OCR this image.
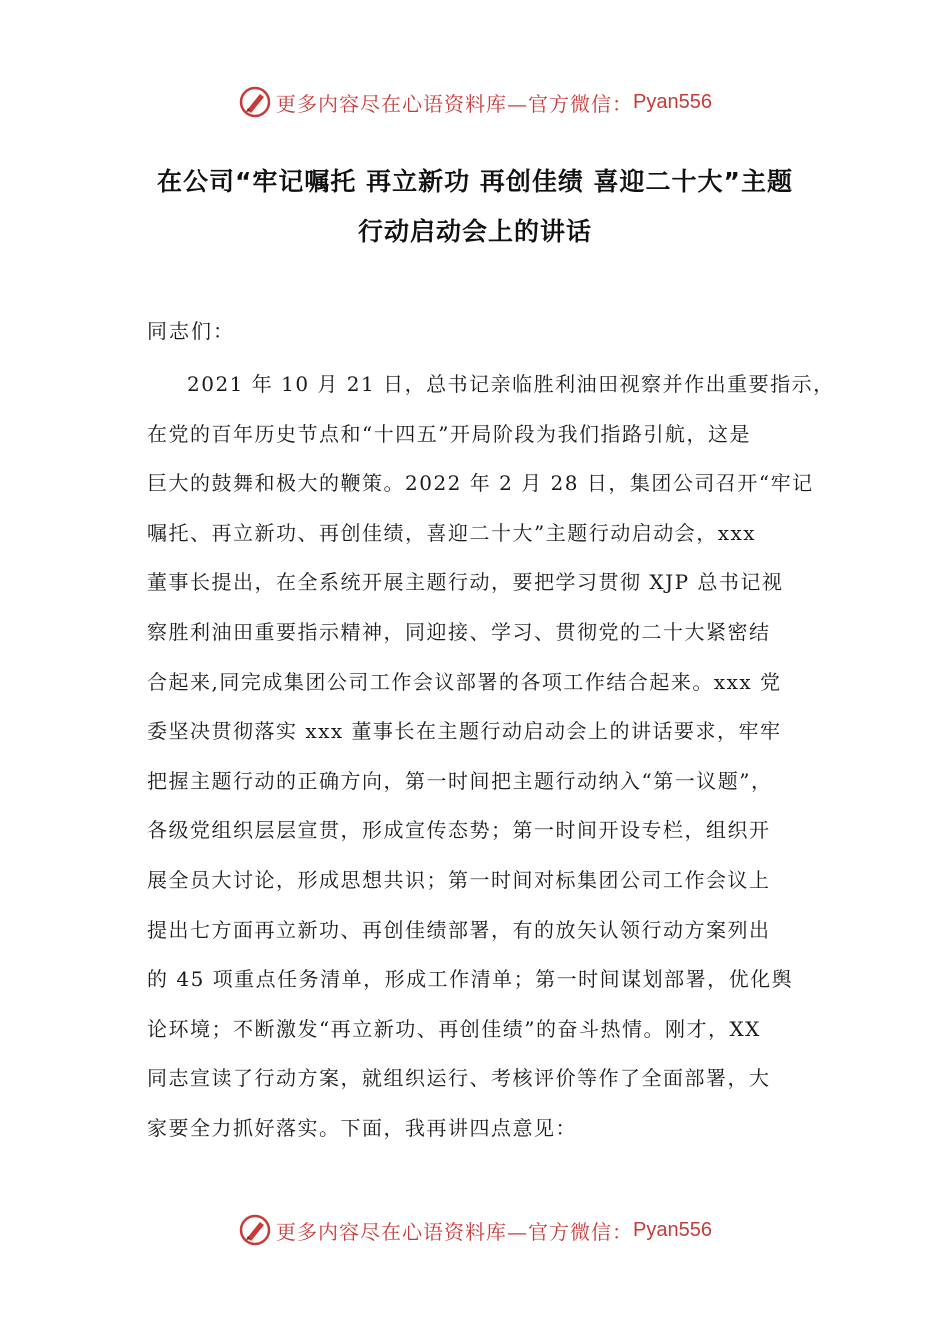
更多内容尽在心语资料库—官方微信： Pyan556
在公司“牢记嘱托 再立新功 再创佳绩 喜迎二十大”主题
行动启动会上的讲话
同志们：
2021 年 10 月 21 日，总书记亲临胜利油田视察并作出重要指示，
在党的百年历史节点和“十四五”开局阶段为我们指路引航，这是
巨大的鼓舞和极大的鞭策。2022 年 2 月 28 日，集团公司召开“牢记
嘱托、再立新功、再创佳绩，喜迎二十大”主题行动启动会，xxx
董事长提出，在全系统开展主题行动，要把学习贯彻 XJP 总书记视
察胜利油田重要指示精神，同迎接、学习、贯彻党的二十大紧密结
合起来,同完成集团公司工作会议部署的各项工作结合起来。xxx 党
委坚决贯彻落实 xxx 董事长在主题行动启动会上的讲话要求，牢牢
把握主题行动的正确方向，第一时间把主题行动纳入“第一议题”，
各级党组织层层宣贯，形成宣传态势；第一时间开设专栏，组织开
展全员大讨论，形成思想共识；第一时间对标集团公司工作会议上
提出七方面再立新功、再创佳绩部署，有的放矢认领行动方案列出
的 45 项重点任务清单，形成工作清单；第一时间谋划部署，优化舆
论环境；不断激发“再立新功、再创佳绩”的奋斗热情。刚才，XX
同志宣读了行动方案，就组织运行、考核评价等作了全面部署，大
家要全力抓好落实。下面，我再讲四点意见：
更多内容尽在心语资料库—官方微信： Pyan556
